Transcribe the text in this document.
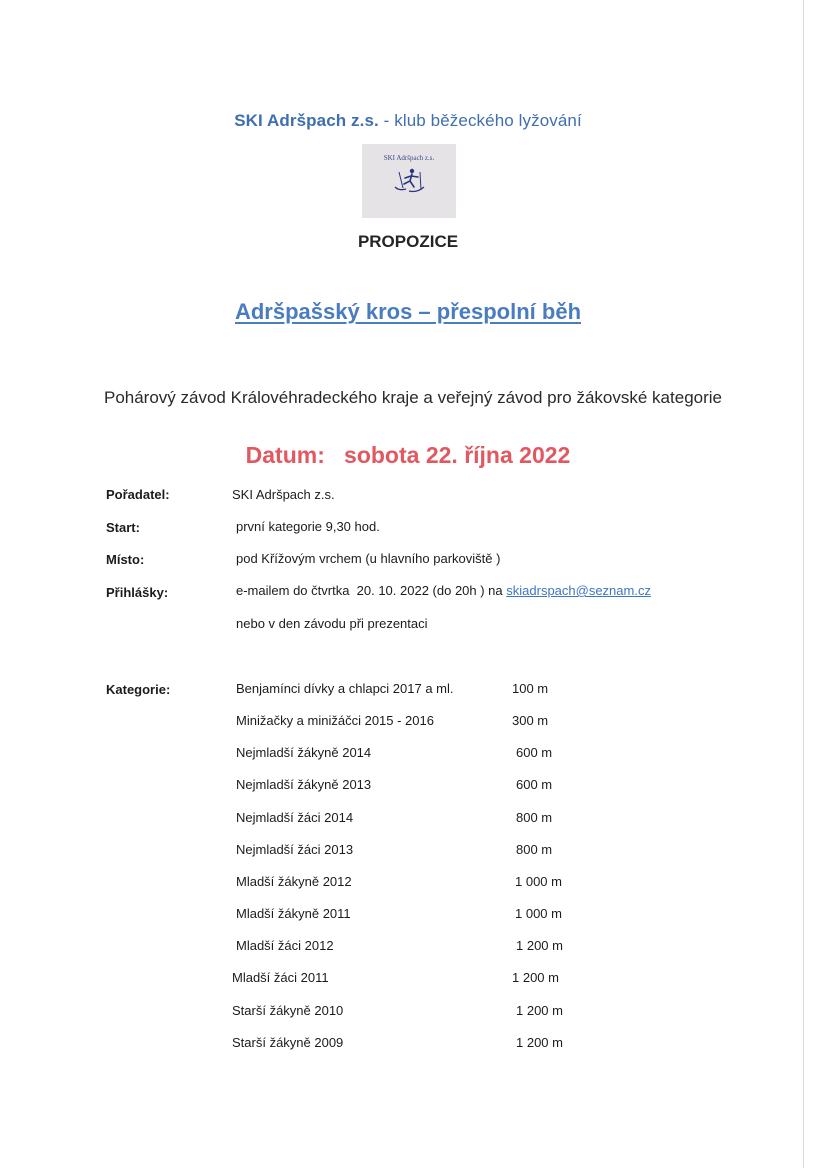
SKI Adršpach z.s. - klub běžeckého lyžování
SKI Adršpach z.s.
PROPOZICE
Adršpašský kros – přespolní běh
Pohárový závod Královéhradeckého kraje a veřejný závod pro žákovské kategorie
Datum:   sobota 22. října 2022
Pořadatel:	SKI Adršpach z.s.
Start:	první kategorie 9,30 hod.
Místo:	pod Křížovým vrchem (u hlavního parkoviště )
Přihlášky:	e-mailem do čtvrtka  20. 10. 2022 (do 20h ) na skiadrspach@seznam.cz
nebo v den závodu při prezentaci
Kategorie:	Benjamínci dívky a chlapci 2017 a ml.	100 m
Minižačky a minižáčci 2015 - 2016	300 m
Nejmladší žákyně 2014	600 m
Nejmladší žákyně 2013	600 m
Nejmladší žáci 2014	800 m
Nejmladší žáci 2013	800 m
Mladší žákyně 2012	1 000 m
Mladší žákyně 2011	1 000 m
Mladší žáci 2012	1 200 m
Mladší žáci 2011	1 200 m
Starší žákyně 2010	1 200 m
Starší žákyně 2009	1 200 m
